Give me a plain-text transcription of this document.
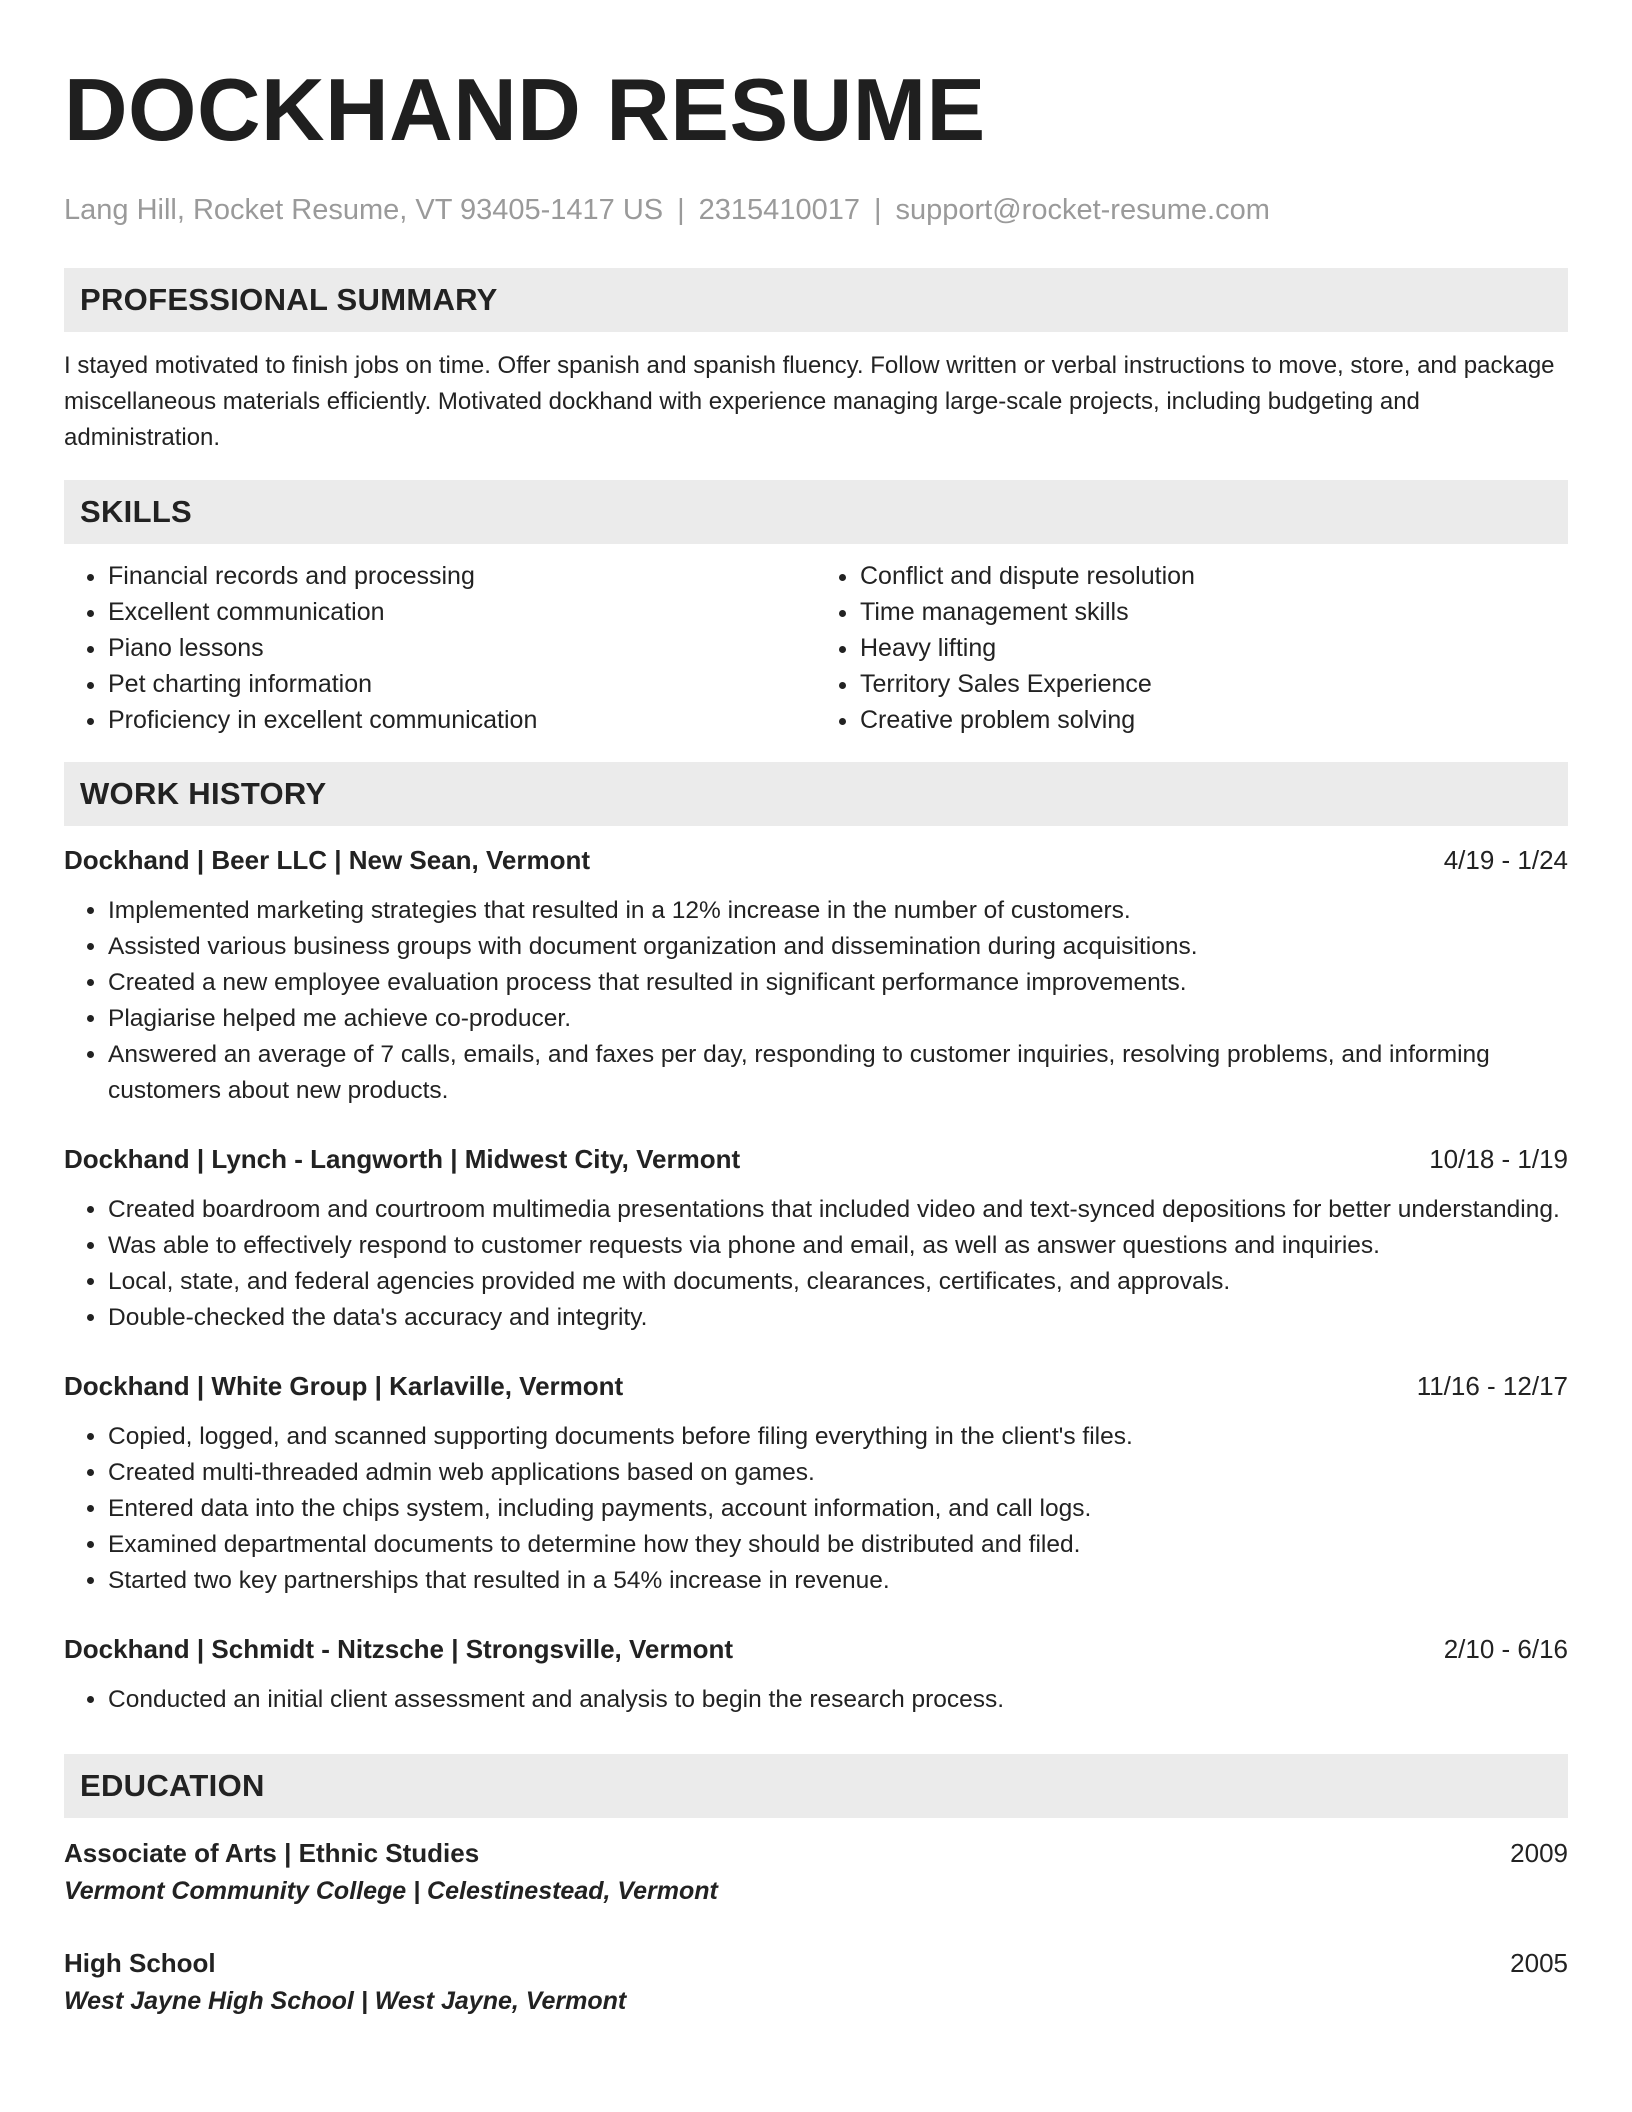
DOCKHAND RESUME
Lang Hill, Rocket Resume, VT 93405-1417 US | 2315410017 | support@rocket-resume.com
PROFESSIONAL SUMMARY

I stayed motivated to finish jobs on time. Offer spanish and spanish fluency. Follow written or verbal instructions to move, store, and package miscellaneous materials efficiently. Motivated dockhand with experience managing large-scale projects, including budgeting and administration.

SKILLS
• Financial records and processing
• Excellent communication
• Piano lessons
• Pet charting information
• Proficiency in excellent communication
• Conflict and dispute resolution
• Time management skills
• Heavy lifting
• Territory Sales Experience
• Creative problem solving
WORK HISTORY
Dockhand | Beer LLC | New Sean, Vermont	4/19 - 1/24
• Implemented marketing strategies that resulted in a 12% increase in the number of customers.
• Assisted various business groups with document organization and dissemination during acquisitions.
• Created a new employee evaluation process that resulted in significant performance improvements.
• Plagiarise helped me achieve co-producer.
• Answered an average of 7 calls, emails, and faxes per day, responding to customer inquiries, resolving problems, and informing customers about new products.
Dockhand | Lynch - Langworth | Midwest City, Vermont	10/18 - 1/19
• Created boardroom and courtroom multimedia presentations that included video and text-synced depositions for better understanding.
• Was able to effectively respond to customer requests via phone and email, as well as answer questions and inquiries.
• Local, state, and federal agencies provided me with documents, clearances, certificates, and approvals.
• Double-checked the data's accuracy and integrity.
Dockhand | White Group | Karlaville, Vermont	11/16 - 12/17
• Copied, logged, and scanned supporting documents before filing everything in the client's files.
• Created multi-threaded admin web applications based on games.
• Entered data into the chips system, including payments, account information, and call logs.
• Examined departmental documents to determine how they should be distributed and filed.
• Started two key partnerships that resulted in a 54% increase in revenue.
Dockhand | Schmidt - Nitzsche | Strongsville, Vermont	2/10 - 6/16
• Conducted an initial client assessment and analysis to begin the research process.
EDUCATION
Associate of Arts | Ethnic Studies	2009
Vermont Community College | Celestinestead, Vermont
High School	2005
West Jayne High School | West Jayne, Vermont
